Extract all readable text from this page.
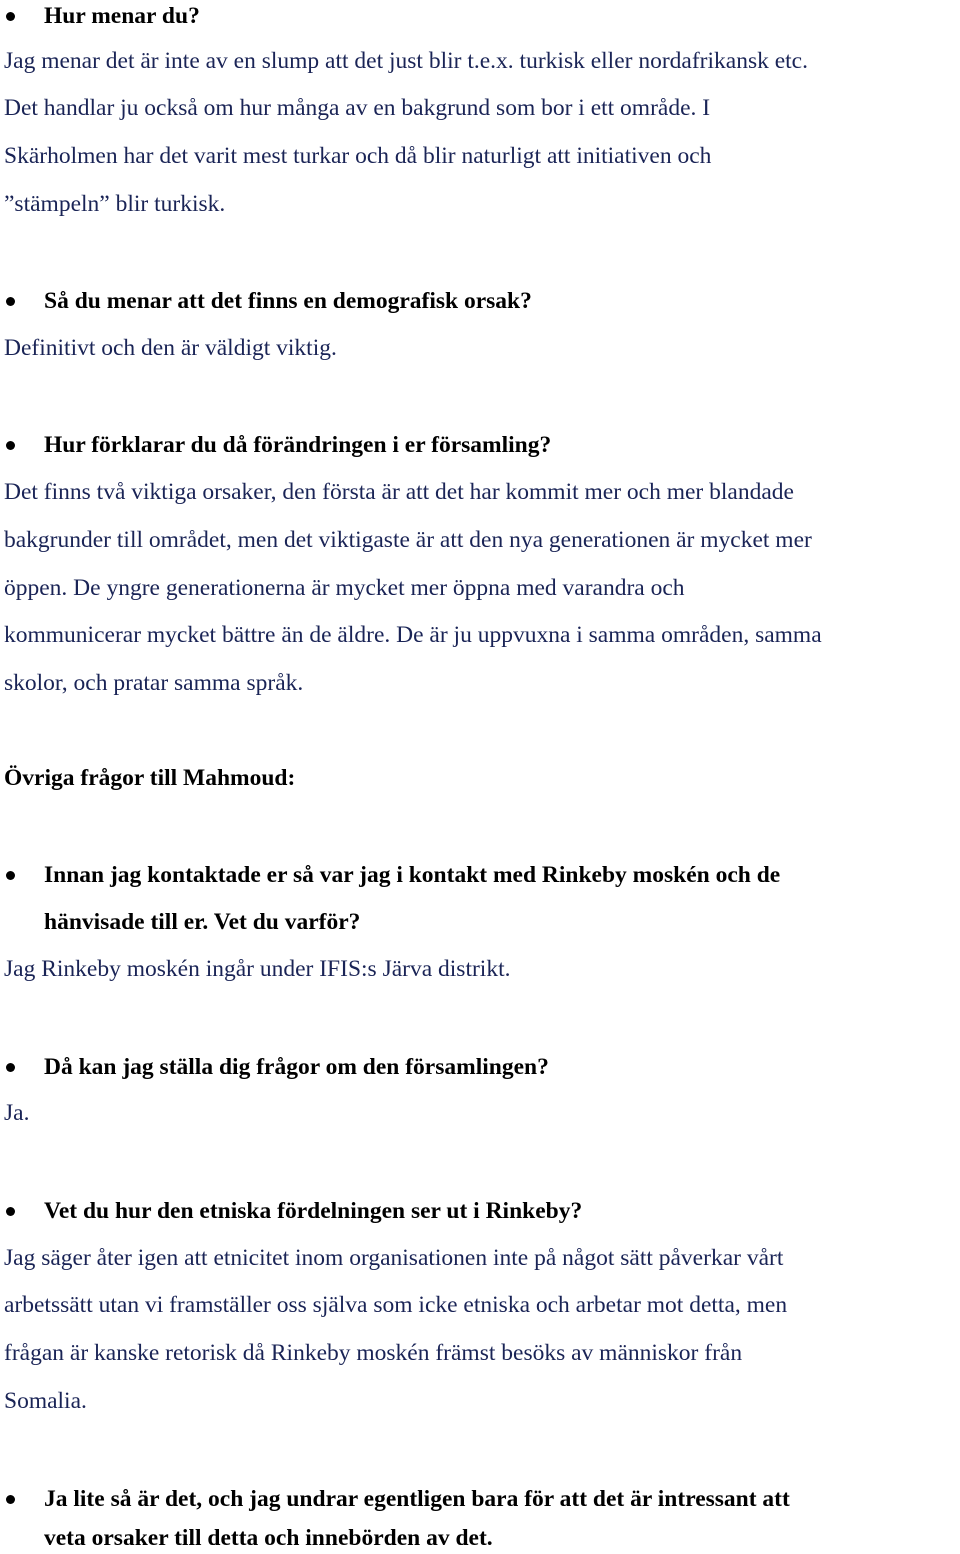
Hur menar du?

Jag menar det är inte av en slump att det just blir t.e.x. turkisk eller nordafrikansk etc.

Det handlar ju också om hur många av en bakgrund som bor i ett område. I

Skärholmen har det varit mest turkar och då blir naturligt att initiativen och

”stämpeln” blir turkisk.

Så du menar att det finns en demografisk orsak?

Definitivt och den är väldigt viktig.

Hur förklarar du då förändringen i er församling?

Det finns två viktiga orsaker, den första är att det har kommit mer och mer blandade

bakgrunder till området, men det viktigaste är att den nya generationen är mycket mer

öppen. De yngre generationerna är mycket mer öppna med varandra och

kommunicerar mycket bättre än de äldre. De är ju uppvuxna i samma områden, samma

skolor, och pratar samma språk.

Övriga frågor till Mahmoud:

Innan jag kontaktade er så var jag i kontakt med Rinkeby moskén och de

hänvisade till er. Vet du varför?

Jag Rinkeby moskén ingår under IFIS:s Järva distrikt.

Då kan jag ställa dig frågor om den församlingen?

Ja.

Vet du hur den etniska fördelningen ser ut i Rinkeby?

Jag säger åter igen att etnicitet inom organisationen inte på något sätt påverkar vårt

arbetssätt utan vi framställer oss själva som icke etniska och arbetar mot detta, men

frågan är kanske retorisk då Rinkeby moskén främst besöks av människor från

Somalia.

Ja lite så är det, och jag undrar egentligen bara för att det är intressant att

veta orsaker till detta och innebörden av det.
